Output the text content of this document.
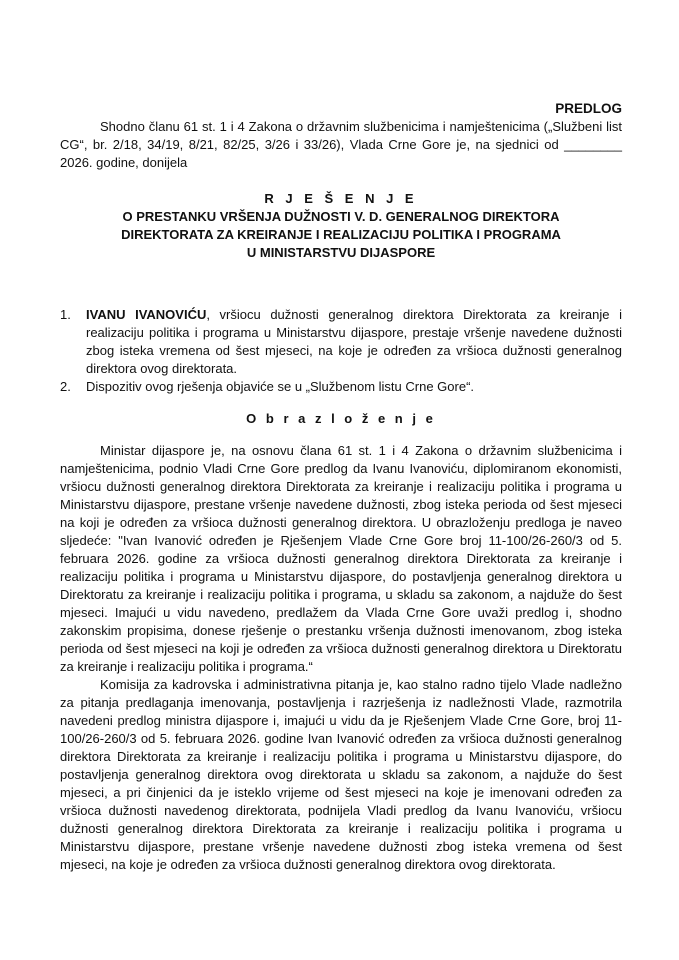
PREDLOG

Shodno članu 61 st. 1 i 4 Zakona o državnim službenicima i namještenicima („Službeni list CG“, br. 2/18, 34/19, 8/21, 82/25, 3/26 i 33/26), Vlada Crne Gore je, na sjednici od ________ 2026. godine, donijela

R J E Š E N J E
O PRESTANKU VRŠENJA DUŽNOSTI V. D. GENERALNOG DIREKTORA
DIREKTORATA ZA KREIRANJE I REALIZACIJU POLITIKA I PROGRAMA
U MINISTARSTVU DIJASPORE
1. IVANU IVANOVIĆU, vršiocu dužnosti generalnog direktora Direktorata za kreiranje i realizaciju politika i programa u Ministarstvu dijaspore, prestaje vršenje navedene dužnosti zbog isteka vremena od šest mjeseci, na koje je određen za vršioca dužnosti generalnog direktora ovog direktorata.
2. Dispozitiv ovog rješenja objaviće se u „Službenom listu Crne Gore“.
O b r a z l o ž e n j e

Ministar dijaspore je, na osnovu člana 61 st. 1 i 4 Zakona o državnim službenicima i namještenicima, podnio Vladi Crne Gore predlog da Ivanu Ivanoviću, diplomiranom ekonomisti, vršiocu dužnosti generalnog direktora Direktorata za kreiranje i realizaciju politika i programa u Ministarstvu dijaspore, prestane vršenje navedene dužnosti, zbog isteka perioda od šest mjeseci na koji je određen za vršioca dužnosti generalnog direktora. U obrazloženju predloga je naveo sljedeće: "Ivan Ivanović određen je Rješenjem Vlade Crne Gore broj 11-100/26-260/3 od 5. februara 2026. godine za vršioca dužnosti generalnog direktora Direktorata za kreiranje i realizaciju politika i programa u Ministarstvu dijaspore, do postavljenja generalnog direktora u Direktoratu za kreiranje i realizaciju politika i programa, u skladu sa zakonom, a najduže do šest mjeseci. Imajući u vidu navedeno, predlažem da Vlada Crne Gore uvaži predlog i, shodno zakonskim propisima, donese rješenje o prestanku vršenja dužnosti imenovanom, zbog isteka perioda od šest mjeseci na koji je određen za vršioca dužnosti generalnog direktora u Direktoratu za kreiranje i realizaciju politika i programa.“

Komisija za kadrovska i administrativna pitanja je, kao stalno radno tijelo Vlade nadležno za pitanja predlaganja imenovanja, postavljenja i razrješenja iz nadležnosti Vlade, razmotrila navedeni predlog ministra dijaspore i, imajući u vidu da je Rješenjem Vlade Crne Gore, broj 11-100/26-260/3 od 5. februara 2026. godine Ivan Ivanović određen za vršioca dužnosti generalnog direktora Direktorata za kreiranje i realizaciju politika i programa u Ministarstvu dijaspore, do postavljenja generalnog direktora ovog direktorata u skladu sa zakonom, a najduže do šest mjeseci, a pri činjenici da je isteklo vrijeme od šest mjeseci na koje je imenovani određen za vršioca dužnosti navedenog direktorata, podnijela Vladi predlog da Ivanu Ivanoviću, vršiocu dužnosti generalnog direktora Direktorata za kreiranje i realizaciju politika i programa u Ministarstvu dijaspore, prestane vršenje navedene dužnosti zbog isteka vremena od šest mjeseci, na koje je određen za vršioca dužnosti generalnog direktora ovog direktorata.
